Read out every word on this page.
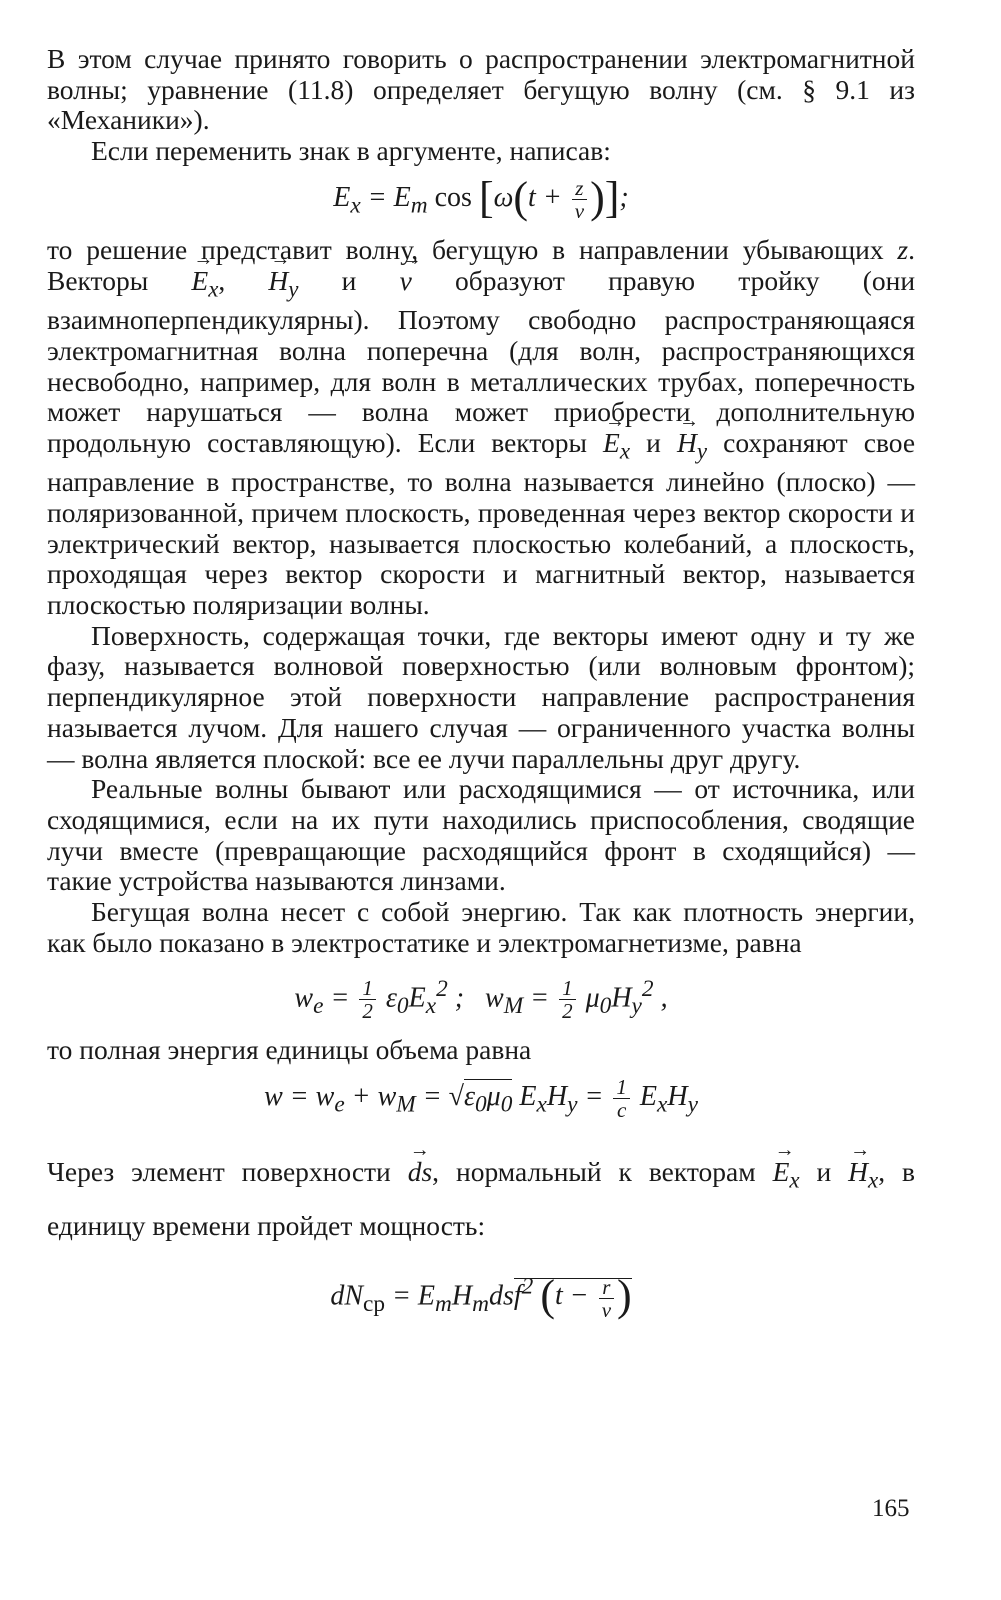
В этом случае принято говорить о распространении электромагнитной волны; уравнение (11.8) определяет бегущую волну (см. § 9.1 из «Механики»).

Если переменить знак в аргументе, написав:

$E_x = E_m$ $\cos [\omega(t + \frac{z}{v}$ )];

то решение представит волну, бегущую в направлении убывающих z. Векторы → $E_x$, → $H_y$ и → v образуют правую тройку (они взаимноперпендикулярны). Поэтому свободно распространяющаяся электромагнитная волна поперечна (для волн, распространяющихся несвободно, например, для волн в металлических трубах, поперечность может нарушаться — волна может приобрести дополнительную продольную составляющую). Если векторы → $E_x$ $и \to H_y$ сохраняют свое направление в пространстве, то волна называется линейно (плоско) — поляризованной, причем плоскость, проведенная через вектор скорости и электрический вектор, называется плоскостью колебаний, а плоскость, проходящая через вектор скорости и магнитный вектор, называется плоскостью поляризации волны.

Поверхность, содержащая точки, где векторы имеют одну и ту же фазу, называется волновой поверхностью (или волновым фронтом); перпендикулярное этой поверхности направление распространения называется лучом. Для нашего случая — ограниченного участка волны — волна является плоской: все ее лучи параллельны друг другу.

Реальные волны бывают или расходящимися — от источника, или сходящимися, если на их пути находились приспособления, сводящие лучи вместе (превращающие расходящийся фронт в сходящийся) — такие устройства называются линзами.

Бегущая волна несет с собой энергию. Так как плотность энергии, как было показано в электростатике и электромагнетизме, равна

$w_e = \frac{1}{2} \varepsilon_0E_x^2$ ;   $w_M = \frac{1}{2} \mu_0H_y^2$ ,

то полная энергия единицы объема равна

$w = w_e + w_M = √\varepsilon_0\mu_0$ $E_xH_y = \frac{1}{c} E_xH_y$

Через элемент поверхности → ds, нормальный к векторам → $E_x$ $и \to H_x$, в единицу времени пройдет мощность:

$dN_{ср} = E_mH_mdsf^2$ ($t - \frac{r}{v}$ )
165
